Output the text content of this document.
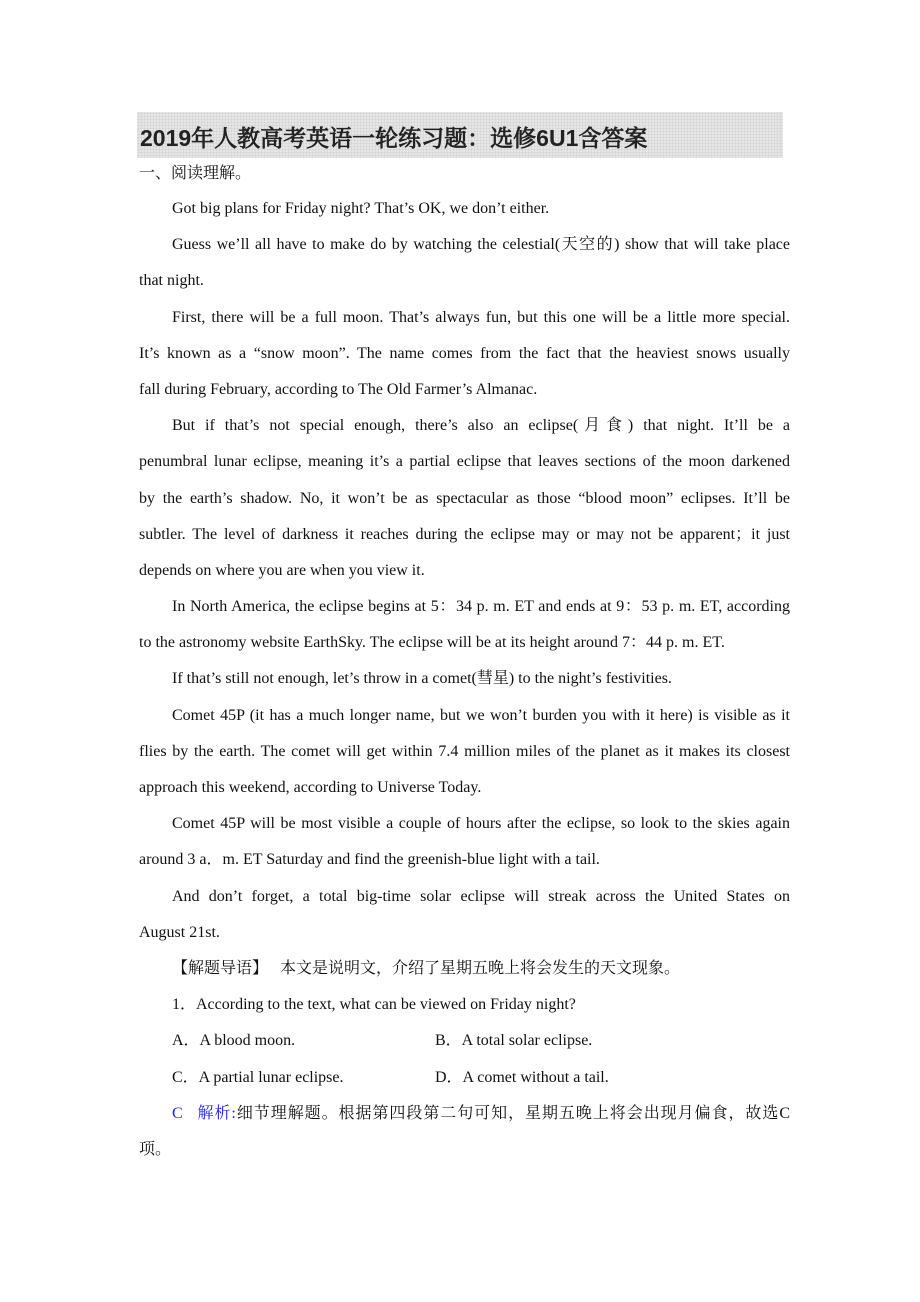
2019年人教高考英语一轮练习题：选修6U1含答案
一、阅读理解。
Got big plans for Friday night? That’s OK, we don’t either.
Guess we’ll all have to make do by watching the celestial(天空的) show that will take place
that night.
First, there will be a full moon. That’s always fun, but this one will be a little more special.
It’s known as a “snow moon”. The name comes from the fact that the heaviest snows usually
fall during February, according to The Old Farmer’s Almanac.
But if that’s not special enough, there’s also an eclipse(月食) that night. It’ll be a
penumbral lunar eclipse, meaning it’s a partial eclipse that leaves sections of the moon darkened
by the earth’s shadow. No, it won’t be as spectacular as those “blood moon” eclipses. It’ll be
subtler. The level of darkness it reaches during the eclipse may or may not be apparent；it just
depends on where you are when you view it.
In North America, the eclipse begins at 5：34 p. m. ET and ends at 9：53 p. m. ET, according
to the astronomy website EarthSky. The eclipse will be at its height around 7：44 p. m. ET.
If that’s still not enough, let’s throw in a comet(彗星) to the night’s festivities.
Comet 45P (it has a much longer name, but we won’t burden you with it here) is visible as it
flies by the earth. The comet will get within 7.4 million miles of the planet as it makes its closest
approach this weekend, according to Universe Today.
Comet 45P will be most visible a couple of hours after the eclipse, so look to the skies again
around 3 a．m. ET Saturday and find the greenish-blue light with a tail.
And don’t forget, a total big-time solar eclipse will streak across the United States on
August 21st.
【解题导语】 本文是说明文，介绍了星期五晚上将会发生的天文现象。
1．According to the text, what can be viewed on Friday night?
A．A blood moon.	B．A total solar eclipse.
C．A partial lunar eclipse.	D．A comet without a tail.
C 解析:细节理解题。根据第四段第二句可知，星期五晚上将会出现月偏食，故选C
项。
